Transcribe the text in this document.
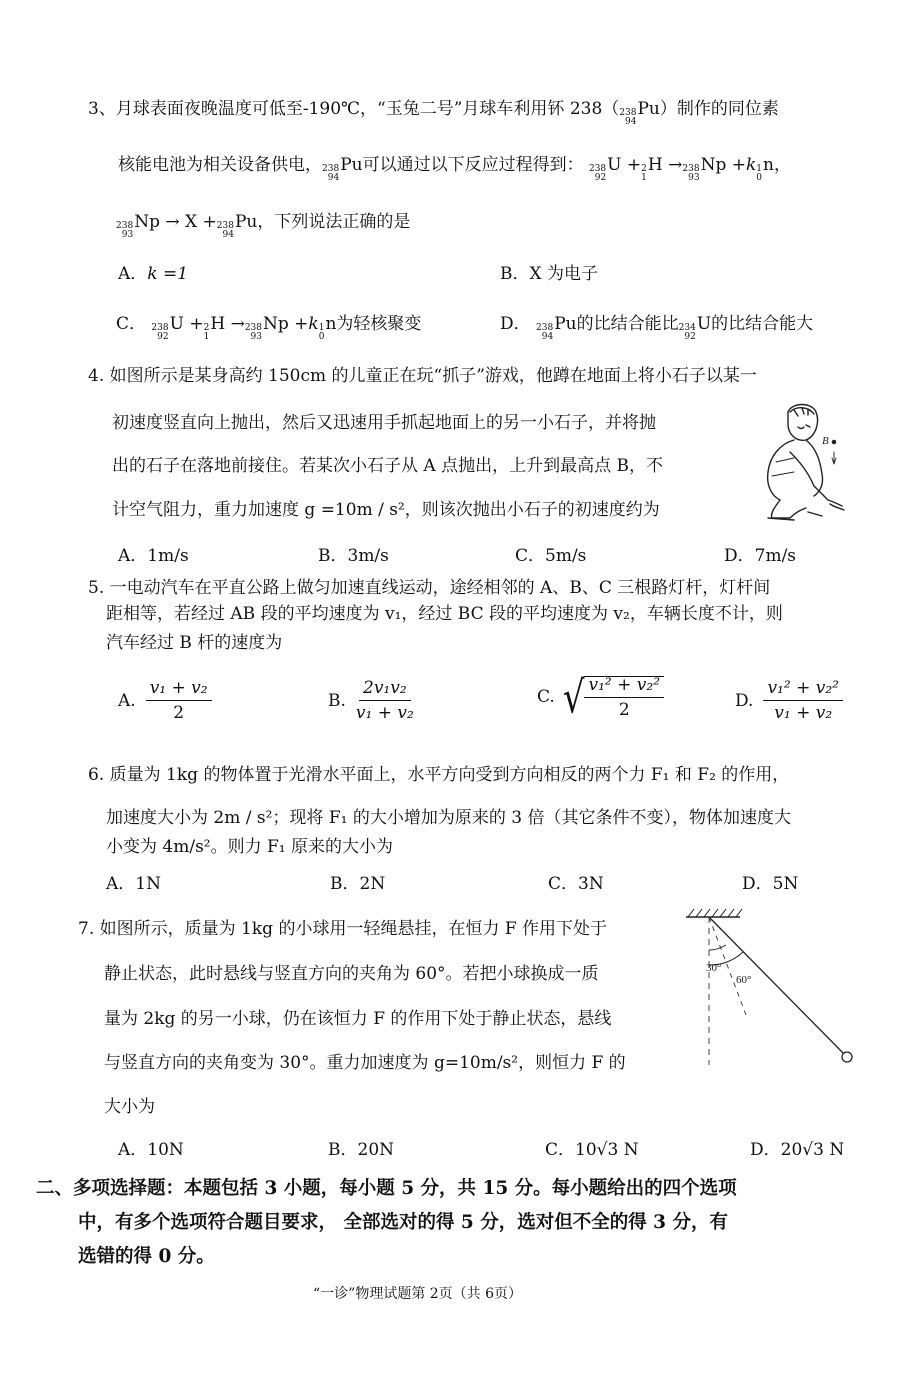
3、月球表面夜晚温度可低至-190℃，“玉兔二号”月球车利用钚 238（ 238
94
Pu ）制作的同位素
核能电池为相关设备供电， 238
94
Pu 可以通过以下反应过程得到： 238
92
U
+ 2
1
H
→ 238
93
Np
+ k 1
0
n ，
238
93
Np
→
X + 238
94
Pu ，下列说法正确的是
A．k =1	B．X 为电子
C． 238
92
U
+ 2
1
H
→ 238
93
Np
+ k 1
0
n 为轻核聚变	D． 238
94
Pu 的比结合能比 234
92
U 的比结合能大
4. 如图所示是某身高约 150cm 的儿童正在玩“抓子”游戏，他蹲在地面上将小石子以某一
初速度竖直向上抛出，然后又迅速用手抓起地面上的另一小石子，并将抛
出的石子在落地前接住。若某次小石子从 A 点抛出，上升到最高点 B，不
计空气阻力，重力加速度 g =10m / s²，则该次抛出小石子的初速度约为
B
A．1m/s	B．3m/s	C．5m/s	D．7m/s
5. 一电动汽车在平直公路上做匀加速直线运动，途经相邻的 A、B、C 三根路灯杆，灯杆间
距相等，若经过 AB 段的平均速度为 v₁，经过 BC 段的平均速度为 v₂，车辆长度不计，则
汽车经过 B 杆的速度为
A. $\frac{\text{v₁ + v₂}}{2}$	B. $\frac{\text{2v₁v₂}}{\text{v₁ + v₂}}$	C. √ $\frac{\text{v₁² + v₂²}}{2}$	D. $\frac{\text{v₁² + v₂²}}{\text{v₁ + v₂}}$
6. 质量为 1kg 的物体置于光滑水平面上，水平方向受到方向相反的两个力 F₁ 和 F₂ 的作用，
加速度大小为 2m / s²；现将 F₁ 的大小增加为原来的 3 倍（其它条件不变），物体加速度大
小变为 4m/s²。则力 F₁ 原来的大小为
A．1N	B．2N	C．3N	D．5N
7. 如图所示，质量为 1kg 的小球用一轻绳悬挂，在恒力 F 作用下处于
静止状态，此时悬线与竖直方向的夹角为 60°。若把小球换成一质
量为 2kg 的另一小球，仍在该恒力 F 的作用下处于静止状态，悬线
与竖直方向的夹角变为 30°。重力加速度为 g=10m/s²，则恒力 F 的
大小为
30°
60°
A．10N	B．20N	C．10√3 N	D．20√3 N
二、多项选择题：本题包括 3 小题，每小题 5 分，共 15 分。每小题给出的四个选项
中，有多个选项符合题目要求， 全部选对的得 5 分，选对但不全的得 3 分，有
选错的得 0 分。
“一诊”物理试题第 2页（共 6页）
